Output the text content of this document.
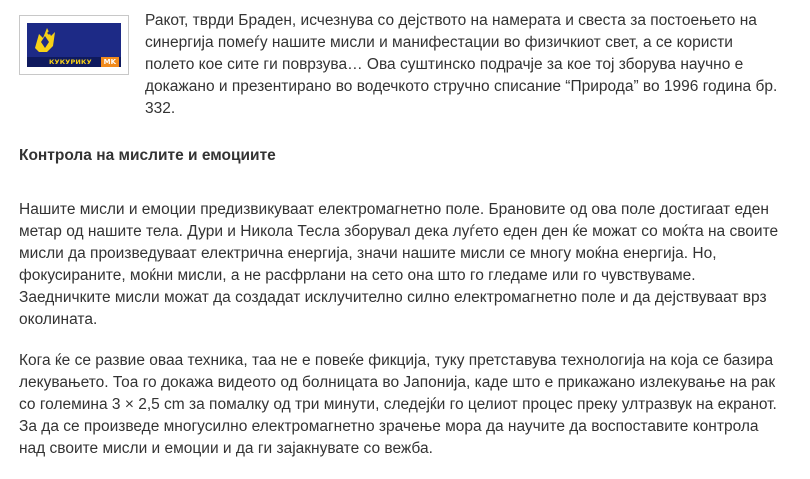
КУКУРИКУ	MK

Ракот, тврди Браден, исчезнува со дејството на намерата и свеста за постоењето на синергија помеѓу нашите мисли и манифестации во физичкиот свет, а се користи полето кое сите ги поврзува… Ова суштинско подрачје за кое тој зборува научно е докажано и презентирано во водечкото стручно списание “Природа” во 1996 година бр. 332.

Контрола на мислите и емоциите

Нашите мисли и емоции предизвикуваат електромагнетно поле. Брановите од ова поле достигаат еден метар од нашите тела. Дури и Никола Тесла зборувал дека луѓето еден ден ќе можат со моќта на своите мисли да произведуваат електрична енергија, значи нашите мисли се многу моќна енергија. Но, фокусираните, моќни мисли, а не расфрлани на сето она што го гледаме или го чувствуваме. Заедничките мисли можат да создадат исклучително силно електромагнетно поле и да дејствуваат врз околината.

Кога ќе се развие оваа техника, таа не е повеќе фикција, туку претставува технологија на која се базира лекувањето. Тоа го докажа видеото од болницата во Јапонија, каде што е прикажано излекување на рак со големина 3 × 2,5 cm за помалку од три минути, следејќи го целиот процес преку ултразвук на екранот. За да се произведе многусилно електромагнетно зрачење мора да научите да воспоставите контрола над своите мисли и емоции и да ги зајакнувате со вежба.
